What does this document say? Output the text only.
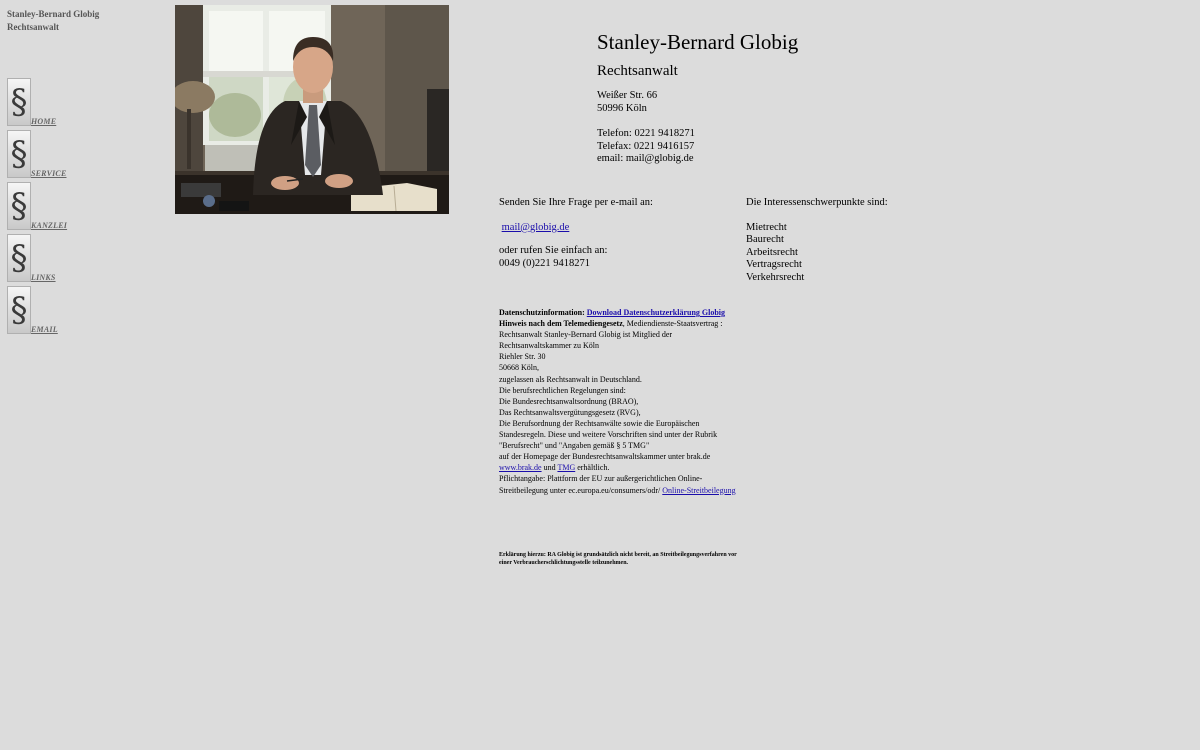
Stanley-Bernard Globig
Rechtsanwalt
§ HOME
§ SERVICE
§ KANZLEI
§ LINKS
§ EMAIL
Stanley-Bernard Globig
Rechtsanwalt
Weißer Str. 66
50996 Köln
Telefon: 0221 9418271
Telefax: 0221 9416157
email: mail@globig.de
Senden Sie Ihre Frage per e-mail an:
mail@globig.de
oder rufen Sie einfach an:
0049 (0)221 9418271
Die Interessenschwerpunkte sind:
Mietrecht
Baurecht
Arbeitsrecht
Vertragsrecht
Verkehrsrecht
Datenschutzinformation: Download Datenschutzerklärung Globig
Hinweis nach dem Telemediengesetz, Mediendienste-Staatsvertrag :
Rechtsanwalt Stanley-Bernard Globig ist Mitglied der
Rechtsanwaltskammer zu Köln
Riehler Str. 30
50668 Köln,
zugelassen als Rechtsanwalt in Deutschland.
Die berufsrechtlichen Regelungen sind:
Die Bundesrechtsanwaltsordnung (BRAO),
Das Rechtsanwaltsvergütungsgesetz (RVG),
Die Berufsordnung der Rechtsanwälte sowie die Europäischen
Standesregeln. Diese und weitere Vorschriften sind unter der Rubrik
"Berufsrecht" und "Angaben gemäß § 5 TMG"
auf der Homepage der Bundesrechtsanwaltskammer unter brak.de
www.brak.de und TMG erhältlich.
Pflichtangabe: Plattform der EU zur außergerichtlichen Online-
Streitbeilegung unter ec.europa.eu/consumers/odr/ Online-Streitbeilegung
Erklärung hierzu: RA Globig ist grundsätzlich nicht bereit, an Streitbeilegungsverfahren vor einer Verbraucherschlichtungsstelle teilzunehmen.
